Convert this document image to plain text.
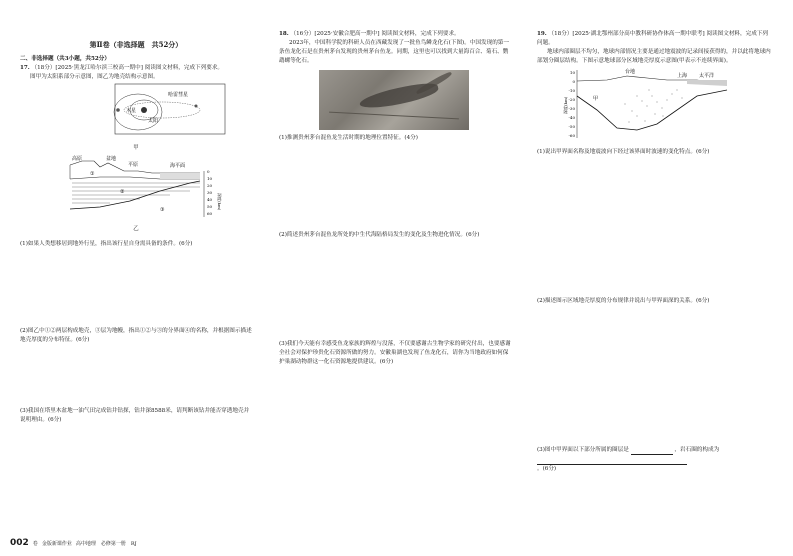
第Ⅱ卷（非选择题　共52分）
二、非选择题（共3小题，共52分）

17. （18分）[2025·黑龙江哈尔滨三校高一期中] 阅读图文材料，完成下列要求。

图甲为太阳系部分示意图，图乙为地壳结构示意图。

哈雷彗星
木星
太阳
甲
0
10
20
30
40
50
60
深度(km)
高原	盆地
平原	海平面
①
②
③
乙

(1)如果人类想移居到地外行星，指出该行星自身需具备的条件。(6分)

(2)图乙中①②两层构成地壳，③层为地幔，指出①②与③的分界面④的名称，并根据图示描述地壳厚度的分布特征。(6分)

(3)我国在塔里木盆地一油气田完成钻井钻探，钻井深8588米，请判断该钻井能否穿透地壳并说明理由。(6分)

18. （16分）[2025·安徽合肥高一期中] 阅读图文材料，完成下列要求。

2023年，中国科学院的科研人员在西藏发现了一批鱼鸟鳞龙化石(下图)。中国发现的第一条鱼龙化石是在贵州茅台发现的贵州茅台鱼龙。同期，这里也可以找到大量海百合、菊石、鹦鹉螺等化石。

(1)推测贵州茅台混鱼龙生活时期的地理位置特征。(4分)

(2)简述贵州茅台混鱼龙所处的中生代海陆格局发生的变化及生物进化情况。(6分)

(3)我们今天能有幸感受鱼龙家族的辉煌与没落，不仅要感谢古生物学家的研究付出，也要感谢全社会对保护珍贵化石资源所做的努力。安徽巢湖也发现了鱼龙化石，请你为当地政府如何保护巢湖动物群这一化石资源地提供建议。(6分)

19. （18分）[2025·湖北鄂州部分高中教科研协作体高一期中联考] 阅读图文材料，完成下列问题。

地球内部圈层不均匀，地球内部情况主要是通过地震波的记录间接获得的，并以此将地球内部划分圈层结构。下图示意地球部分区域地壳厚度示意图(甲表示不连续界面)。

10
0
-10
-20
-30
-40
-50
-60
深度(km)
台地
上海 太平洋
甲

(1)说出甲界面名称及地震波向下经过该界面时波速的变化特点。(6分)

(2)描述图示区域地壳厚度的分布规律并说出与甲界面深的关系。(6分)

(3)图中甲界面以下部分所属的圈层是	，岩石圈的构成为
。(6分)

002 卷 金版新课作业 高中地理　必修第一册　RJ
